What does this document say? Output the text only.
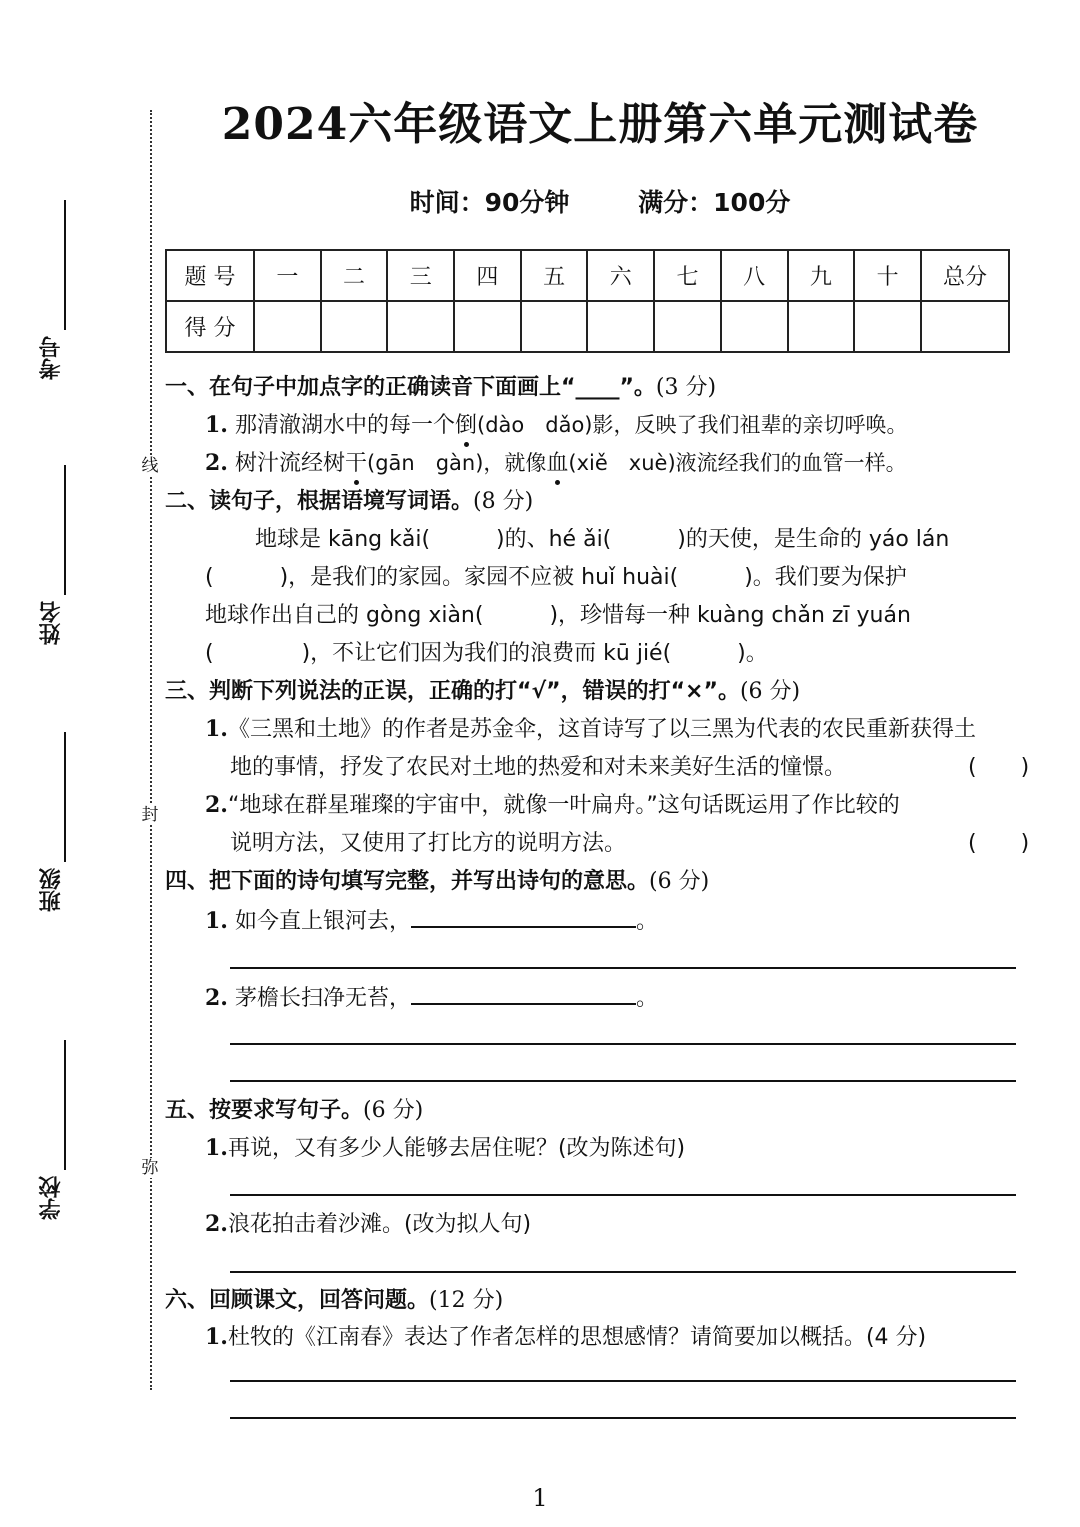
线
封
弥
考号
姓名
班级
学校
2024六年级语文上册第六单元测试卷
时间：90分钟	满分：100分
题 号	一	二	三	四	五	六	七	八	九	十	总分
得 分											
一、在句子中加点字的正确读音下面画上“____”。(3 分)
1. 那清澈湖水中的每一个倒(dào　dǎo)影，反映了我们祖辈的亲切呼唤。
2. 树汁流经树干(gān　gàn)，就像血(xiě　xuè)液流经我们的血管一样。
二、读句子，根据语境写词语。(8 分)
地球是 kāng kǎi(　　　)的、hé ǎi(　　　)的天使，是生命的 yáo lán
(　　　)，是我们的家园。家园不应被 huǐ huài(　　　)。我们要为保护
地球作出自己的 gòng xiàn(　　　)，珍惜每一种 kuàng chǎn zī yuán
(　　　　)，不让它们因为我们的浪费而 kū jié(　　　)。
三、判断下列说法的正误，正确的打“√”，错误的打“×”。(6 分)
1.《三黑和土地》的作者是苏金伞，这首诗写了以三黑为代表的农民重新获得土
地的事情，抒发了农民对土地的热爱和对未来美好生活的憧憬。	(　　)
2.“地球在群星璀璨的宇宙中，就像一叶扁舟。”这句话既运用了作比较的
说明方法，又使用了打比方的说明方法。	(　　)
四、把下面的诗句填写完整，并写出诗句的意思。(6 分)
1. 如今直上银河去，	。
2. 茅檐长扫净无苔，	。
五、按要求写句子。(6 分)
1.再说，又有多少人能够去居住呢？(改为陈述句)
2.浪花拍击着沙滩。(改为拟人句)
六、回顾课文，回答问题。(12 分)
1.杜牧的《江南春》表达了作者怎样的思想感情？请简要加以概括。(4 分)
1
